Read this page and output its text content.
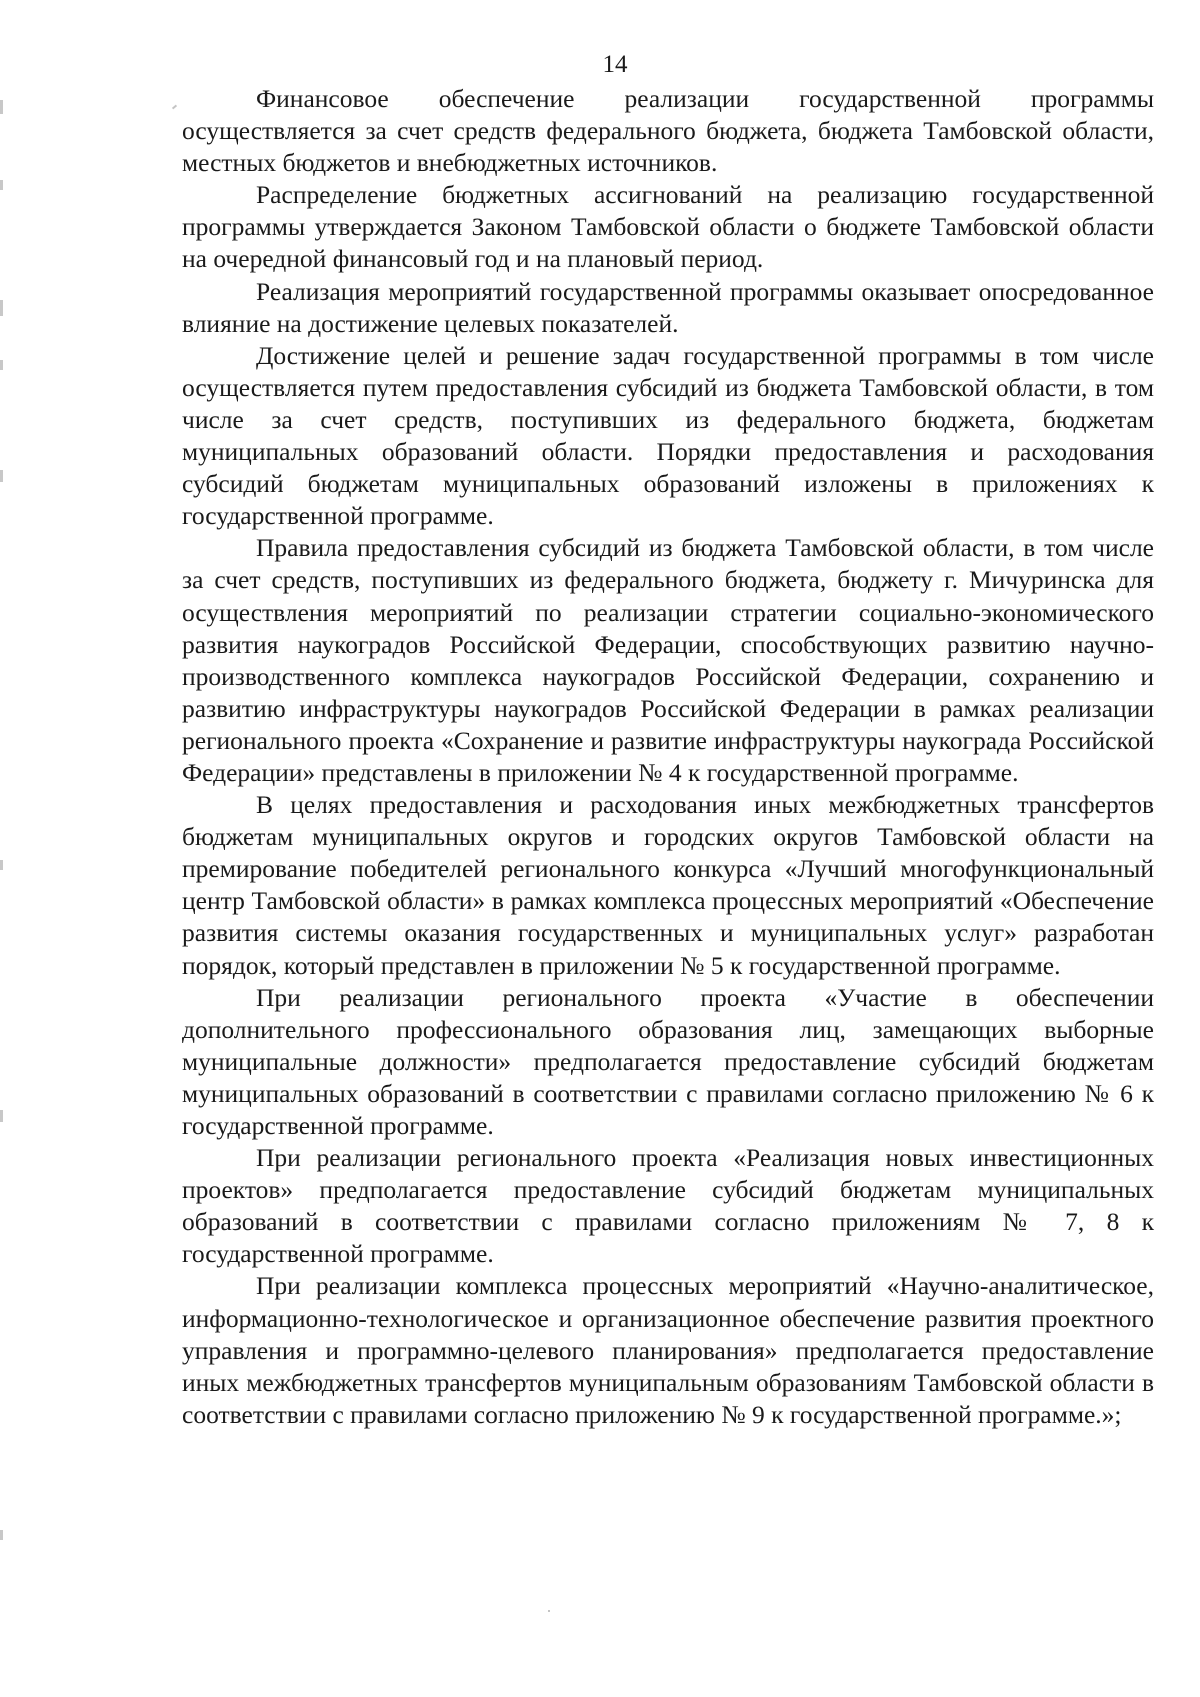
14

Финансовое обеспечение реализации государственной программы осуществляется за счет средств федерального бюджета, бюджета Тамбовской области, местных бюджетов и внебюджетных источников.

Распределение бюджетных ассигнований на реализацию государственной программы утверждается Законом Тамбовской области о бюджете Тамбовской области на очередной финансовый год и на плановый период.

Реализация мероприятий государственной программы оказывает опосредованное влияние на достижение целевых показателей.

Достижение целей и решение задач государственной программы в том числе осуществляется путем предоставления субсидий из бюджета Тамбовской области, в том числе за счет средств, поступивших из федерального бюджета, бюджетам муниципальных образований области. Порядки предоставления и расходования субсидий бюджетам муниципальных образований изложены в приложениях к государственной программе.

Правила предоставления субсидий из бюджета Тамбовской области, в том числе за счет средств, поступивших из федерального бюджета, бюджету г. Мичуринска для осуществления мероприятий по реализации стратегии социально-экономического развития наукоградов Российской Федерации, способствующих развитию научно-производственного комплекса наукоградов Российской Федерации, сохранению и развитию инфраструктуры наукоградов Российской Федерации в рамках реализации регионального проекта «Сохранение и развитие инфраструктуры наукограда Российской Федерации» представлены в приложении № 4 к государственной программе.

В целях предоставления и расходования иных межбюджетных трансфертов бюджетам муниципальных округов и городских округов Тамбовской области на премирование победителей регионального конкурса «Лучший многофункциональный центр Тамбовской области» в рамках комплекса процессных мероприятий «Обеспечение развития системы оказания государственных и муниципальных услуг» разработан порядок, который представлен в приложении № 5 к государственной программе.

При реализации регионального проекта «Участие в обеспечении дополнительного профессионального образования лиц, замещающих выборные муниципальные должности» предполагается предоставление субсидий бюджетам муниципальных образований в соответствии с правилами согласно приложению № 6 к государственной программе.

При реализации регионального проекта «Реализация новых инвестиционных проектов» предполагается предоставление субсидий бюджетам муниципальных образований в соответствии с правилами согласно приложениям № 7, 8 к государственной программе.

При реализации комплекса процессных мероприятий «Научно-аналитическое, информационно-технологическое и организационное обеспечение развития проектного управления и программно-целевого планирования» предполагается предоставление иных межбюджетных трансфертов муниципальным образованиям Тамбовской области в соответствии с правилами согласно приложению № 9 к государственной программе.»;
